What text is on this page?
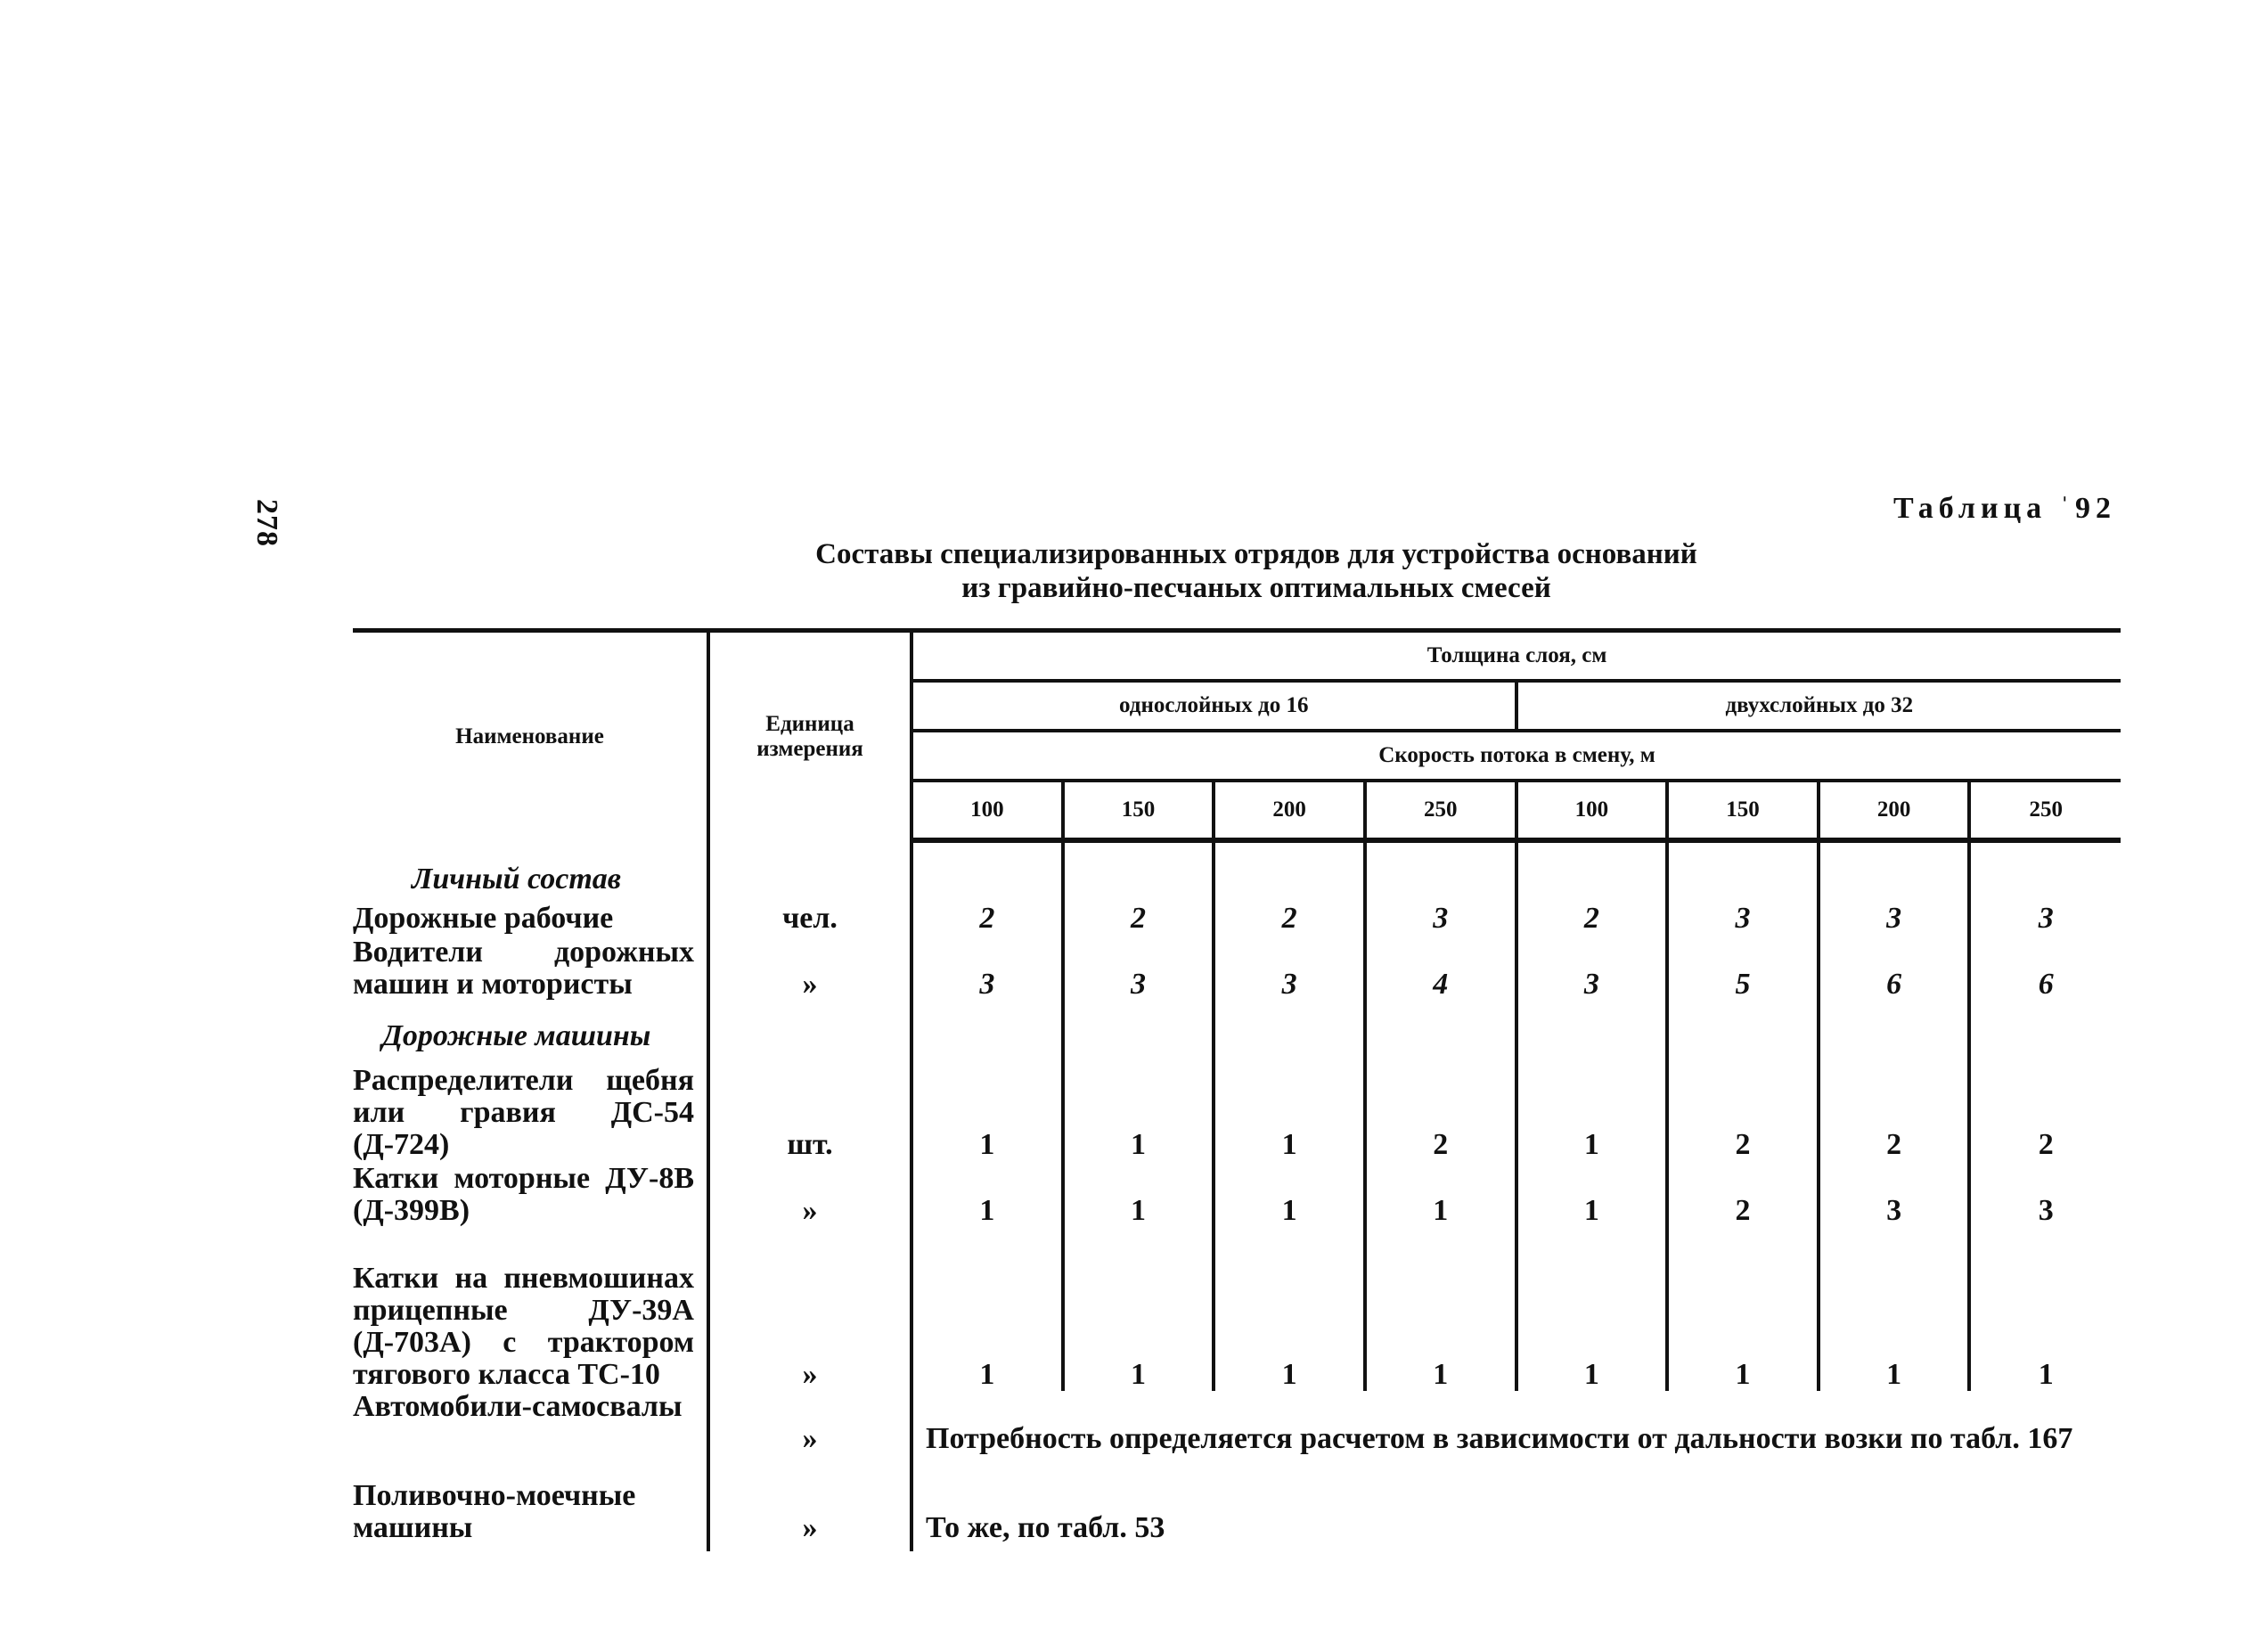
278	Таблица ˈ92
Составы специализированных отрядов для устройства оснований
из гравийно-песчаных оптимальных смесей
Наименование	Единица измерения	Толщина слоя, см							
		однослойных до 16				двухслойных до 32			
		Скорость потока в смену, м							
		100	150	200	250	100	150	200	250
Личный состав									
Дорожные рабочие	чел.	2	2	2	3	2	3	3	3
Водители дорожных машин и мотористы	»	3	3	3	4	3	5	6	6
Дорожные машины									
Распределители щебня или гравия ДС-54 (Д-724)	шт.	1	1	1	2	1	2	2	2
Катки моторные ДУ-8В (Д-399В)	»	1	1	1	1	1	2	3	3
Катки на пневмошинах прицепные ДУ-39А (Д-703А) с трактором тягового класса ТС-10	»	1	1	1	1	1	1	1	1
Автомобили-самосвалы	»	Потребность определяется расчетом в зависимости от дальности возки по табл. 167							
Поливочно-моечные машины	»	То же, по табл. 53							
